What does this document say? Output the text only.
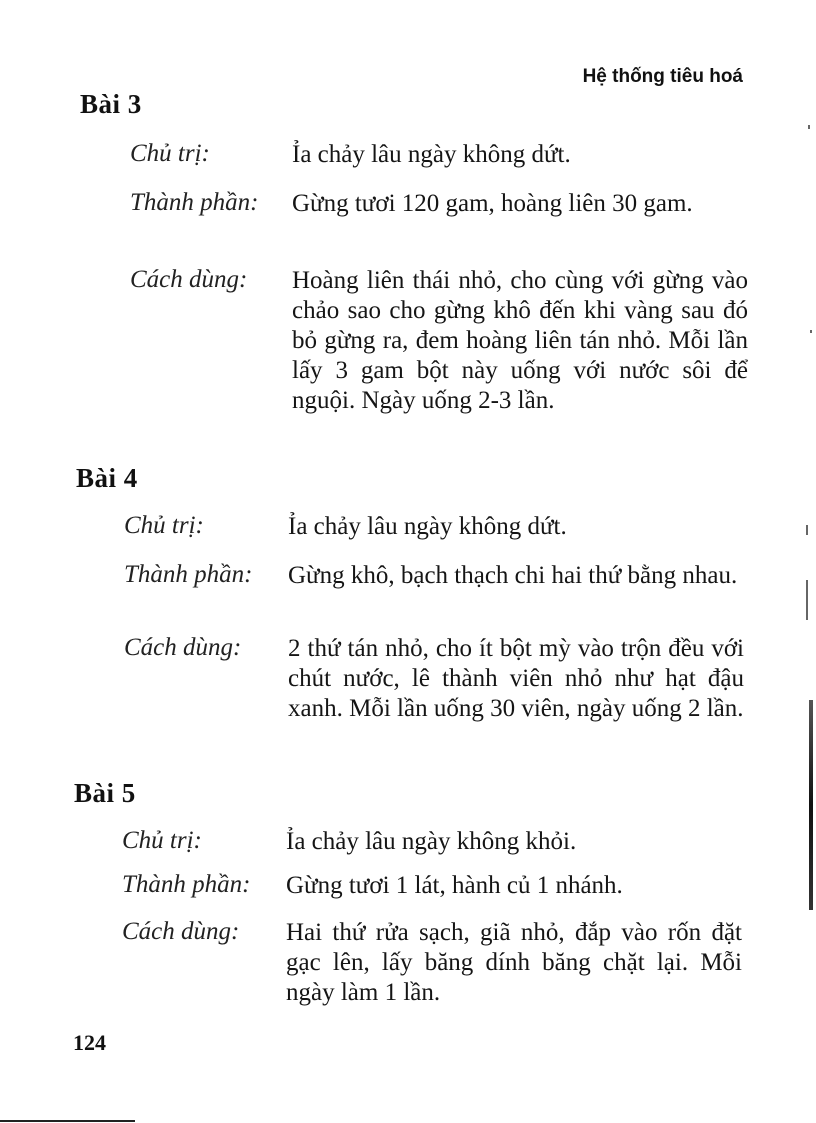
Hệ thống tiêu hoá
Bài 3
Chủ trị:	Ỉa chảy lâu ngày không dứt.
Thành phần: Gừng tươi 120 gam, hoàng liên 30 gam.
Cách dùng: Hoàng liên thái nhỏ, cho cùng với gừng vào chảo sao cho gừng khô đến khi vàng sau đó bỏ gừng ra, đem hoàng liên tán nhỏ. Mỗi lần lấy 3 gam bột này uống với nước sôi để nguội. Ngày uống 2-3 lần.
Bài 4
Chủ trị:	Ỉa chảy lâu ngày không dứt.
Thành phần: Gừng khô, bạch thạch chi hai thứ bằng nhau.
Cách dùng: 2 thứ tán nhỏ, cho ít bột mỳ vào trộn đều với chút nước, lê thành viên nhỏ như hạt đậu xanh. Mỗi lần uống 30 viên, ngày uống 2 lần.
Bài 5
Chủ trị:	Ỉa chảy lâu ngày không khỏi.
Thành phần: Gừng tươi 1 lát, hành củ 1 nhánh.
Cách dùng: Hai thứ rửa sạch, giã nhỏ, đắp vào rốn đặt gạc lên, lấy băng dính băng chặt lại. Mỗi ngày làm 1 lần.
124
